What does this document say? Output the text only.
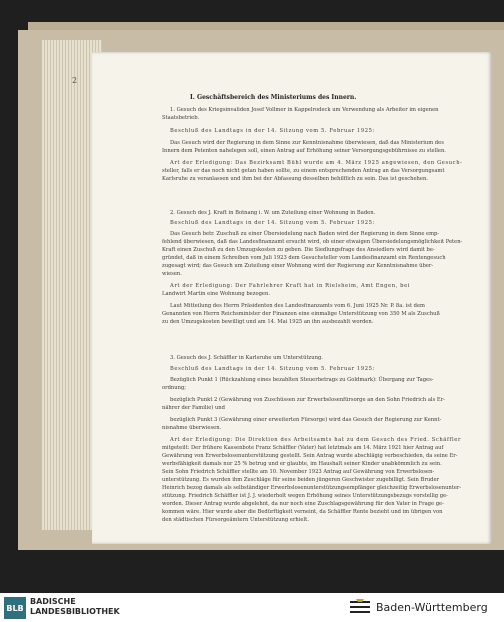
2
I. Geschäftsbereich des Ministeriums des Innern.
1. Gesuch des Kriegsinvaliden Josef Vollmer in Kappelrodeck um Verwendung als Arbeiter im eigenen
Staatsbetrieb.
Beschluß des Landtags in der 14. Sitzung vom 5. Februar 1925:
Das Gesuch wird der Regierung in dem Sinne zur Kenntnisnahme überwiesen, daß das Ministerium des
Innern dem Petenten nahelegen soll, einen Antrag auf Erhöhung seiner Versorgungsgebührnisse zu stellen.
Art der Erledigung: Das Bezirksamt Bühl wurde am 4. März 1925 angewiesen, den Gesuch-
steller, falls er das noch nicht getan haben sollte, zu einem entsprechenden Antrag an das Versorgungsamt
Karlsruhe zu veranlassen und ihm bei der Abfassung desselben behilflich zu sein. Das ist geschehen.
2. Gesuch des J. Kraft in Botnang i. W. um Zuteilung einer Wohnung in Baden.
Beschluß des Landtags in der 14. Sitzung vom 5. Februar 1925:
Das Gesuch betr. Zuschuß zu einer Übersiedelung nach Baden wird der Regierung in dem Sinne emp-
fehlend überwiesen, daß das Landesfinanzamt ersucht wird, ob einer etwaigen Übersiedelungsmöglichkeit Peten-
Kraft einen Zuschuß zu den Umzugskosten zu geben. Die Siedlungsfrage des Ansiedlers wird damit be-
gründet, daß in einem Schreiben vom Juli 1923 dem Gesuchsteller vom Landesfinanzamt ein Rentengesuch
zugesagt wird; das Gesuch um Zuteilung einer Wohnung wird der Regierung zur Kenntnisnahme über-
wiesen.
Art der Erledigung: Der Fahrlehrer Kraft hat in Rielsheim, Amt Engen, bei
Landwirt Martin eine Wohnung bezogen.
Laut Mitteilung des Herrn Präsidenten des Landesfinanzamts vom 6. Juni 1925 Nr. P. 8a. ist dem
Genannten von Herrn Reichsminister der Finanzen eine einmalige Unterstützung von 350 M als Zuschuß
zu den Umzugskosten bewilligt und am 14. Mai 1925 an ihn ausbezahlt worden.
3. Gesuch des J. Schäffler in Karlsruhe um Unterstützung.
Beschluß des Landtags in der 14. Sitzung vom 5. Februar 1925:
Bezüglich Punkt 1 (Rückzahlung eines bezahlten Steuerbetrags zu Goldmark): Übergang zur Tages-
ordnung;
bezüglich Punkt 2 (Gewährung von Zuschüssen zur Erwerbslosenfürsorge an den Sohn Friedrich als Er-
nährer der Familie) und
bezüglich Punkt 3 (Gewährung einer erweiterten Fürsorge) wird das Gesuch der Regierung zur Kennt-
nisnahme überwiesen.
Art der Erledigung: Die Direktion des Arbeitsamts hat zu dem Gesuch des Fried. Schäffler
mitgeteilt: Der frühere Kassenbote Franz Schäffler (Vater) hat letztmals am 14. März 1921 hier Antrag auf
Gewährung von Erwerbslosenunterstützung gestellt. Sein Antrag wurde abschlägig verbeschieden, da seine Er-
werbsfähigkeit damals nur 25 % betrug und er glaubte, im Haushalt seiner Kinder unabkömmlich zu sein.
Sein Sohn Friedrich Schäffler stellte am 10. November 1923 Antrag auf Gewährung von Erwerbslosen-
unterstützung. Es wurden ihm Zuschläge für seine beiden jüngeren Geschwister zugebilligt. Sein Bruder
Heinrich bezog damals als selbständiger Erwerbslosenunterstützungsempfänger gleichzeitig Erwerbslosenunter-
stützung. Friedrich Schäffler ist J. J. wiederholt wegen Erhöhung seines Unterstützungsbezugs vorstellig ge-
worden. Dieser Antrag wurde abgelehnt, da nur noch eine Zuschlagsgewährung für den Vater in Frage ge-
kommen wäre. Hier wurde aber die Bedürftigkeit verneint, da Schäffler Rente bezieht und im übrigen von
den städtischen Fürsorgeämtern Unterstützung erhielt.
BLB
BADISCHE
LANDESBIBLIOTHEK	Baden-Württemberg
